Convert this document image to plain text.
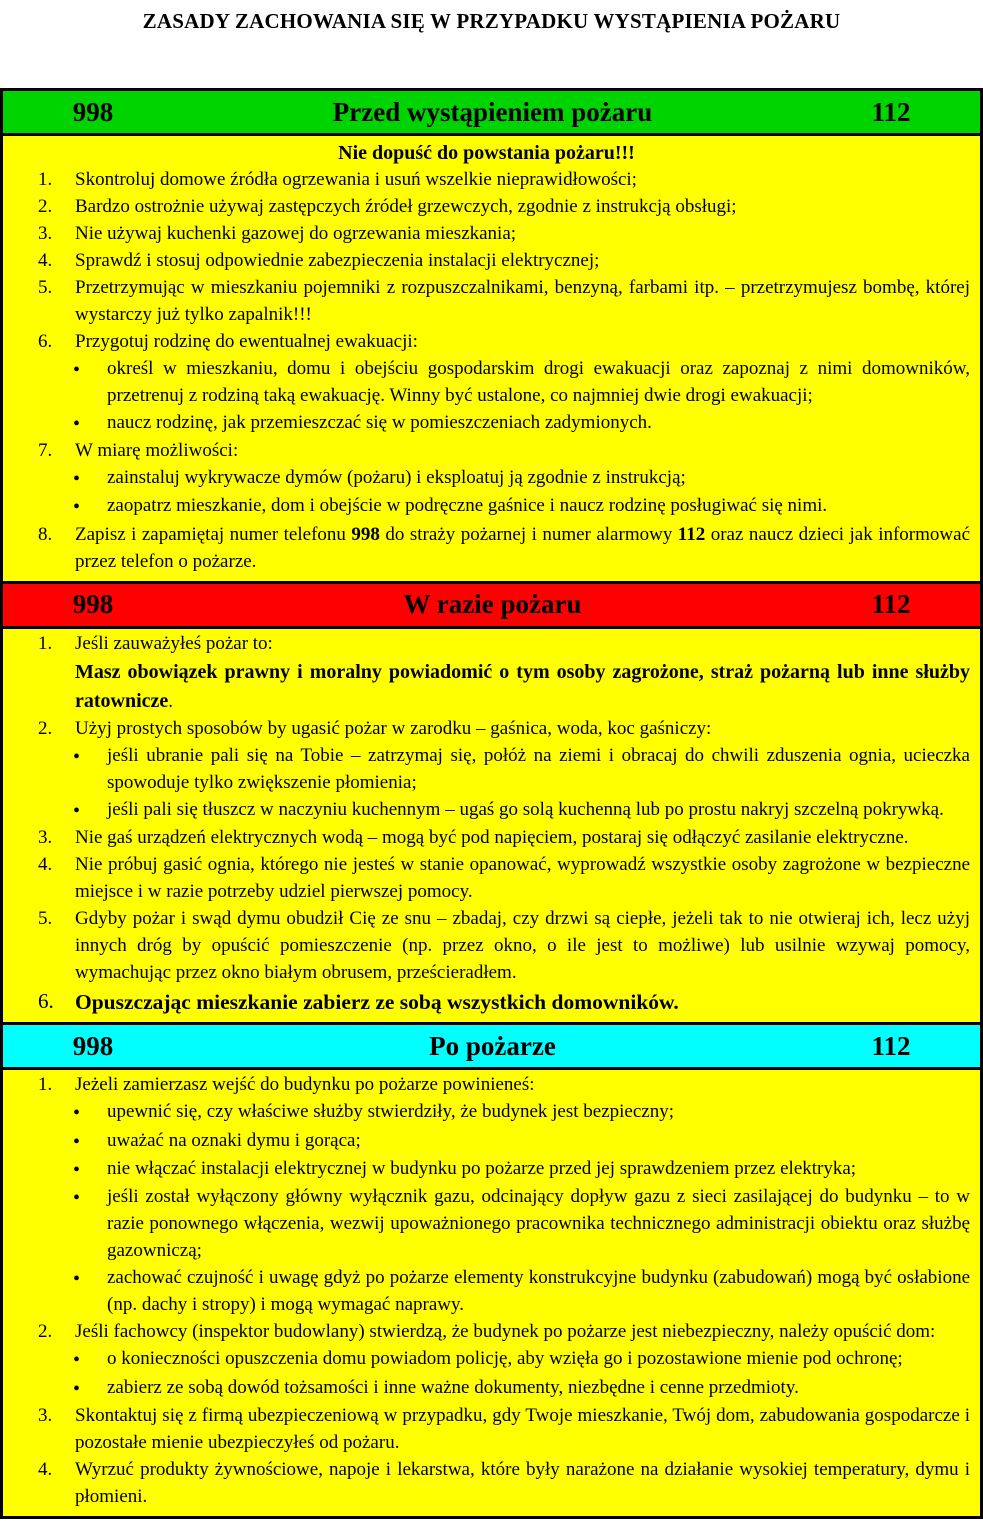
ZASADY ZACHOWANIA SIĘ W PRZYPADKU WYSTĄPIENIA POŻARU
998	Przed wystąpieniem pożaru	112
Nie dopuść do powstania pożaru!!!
1.	Skontroluj domowe źródła ogrzewania i usuń wszelkie nieprawidłowości;
2.	Bardzo ostrożnie używaj zastępczych źródeł grzewczych, zgodnie z instrukcją obsługi;
3.	Nie używaj kuchenki gazowej do ogrzewania mieszkania;
4.	Sprawdź i stosuj odpowiednie zabezpieczenia instalacji elektrycznej;
5.	Przetrzymując w mieszkaniu pojemniki z rozpuszczalnikami, benzyną, farbami itp. – przetrzymujesz bombę, której wystarczy już tylko zapalnik!!!
6.	Przygotuj rodzinę do ewentualnej ewakuacji:
•	określ w mieszkaniu, domu i obejściu gospodarskim drogi ewakuacji oraz zapoznaj z nimi domowników, przetrenuj z rodziną taką ewakuację. Winny być ustalone, co najmniej dwie drogi ewakuacji;
•	naucz rodzinę, jak przemieszczać się w pomieszczeniach zadymionych.
7.	W miarę możliwości:
•	zainstaluj wykrywacze dymów (pożaru) i eksploatuj ją zgodnie z instrukcją;
•	zaopatrz mieszkanie, dom i obejście w podręczne gaśnice i naucz rodzinę posługiwać się nimi.
8.	Zapisz i zapamiętaj numer telefonu 998 do straży pożarnej i numer alarmowy 112 oraz naucz dzieci jak informować przez telefon o pożarze.
998	W razie pożaru	112
1.	Jeśli zauważyłeś pożar to:
Masz obowiązek prawny i moralny powiadomić o tym osoby zagrożone, straż pożarną lub inne służby ratownicze.
2.	Użyj prostych sposobów by ugasić pożar w zarodku – gaśnica, woda, koc gaśniczy:
•	jeśli ubranie pali się na Tobie – zatrzymaj się, połóż na ziemi i obracaj do chwili zduszenia ognia, ucieczka spowoduje tylko zwiększenie płomienia;
•	jeśli pali się tłuszcz w naczyniu kuchennym – ugaś go solą kuchenną lub po prostu nakryj szczelną pokrywką.
3.	Nie gaś urządzeń elektrycznych wodą – mogą być pod napięciem, postaraj się odłączyć zasilanie elektryczne.
4.	Nie próbuj gasić ognia, którego nie jesteś w stanie opanować, wyprowadź wszystkie osoby zagrożone w bezpieczne miejsce i w razie potrzeby udziel pierwszej pomocy.
5.	Gdyby pożar i swąd dymu obudził Cię ze snu – zbadaj, czy drzwi są ciepłe, jeżeli tak to nie otwieraj ich, lecz użyj innych dróg by opuścić pomieszczenie (np. przez okno, o ile jest to możliwe) lub usilnie wzywaj pomocy, wymachując przez okno białym obrusem, prześcieradłem.
6. Opuszczając mieszkanie zabierz ze sobą wszystkich domowników.
998	Po pożarze	112
1.	Jeżeli zamierzasz wejść do budynku po pożarze powinieneś:
•	upewnić się, czy właściwe służby stwierdziły, że budynek jest bezpieczny;
•	uważać na oznaki dymu i gorąca;
•	nie włączać instalacji elektrycznej w budynku po pożarze przed jej sprawdzeniem przez elektryka;
•	jeśli został wyłączony główny wyłącznik gazu, odcinający dopływ gazu z sieci zasilającej do budynku – to w razie ponownego włączenia, wezwij upoważnionego pracownika technicznego administracji obiektu oraz służbę gazowniczą;
•	zachować czujność i uwagę gdyż po pożarze elementy konstrukcyjne budynku (zabudowań) mogą być osłabione (np. dachy i stropy) i mogą wymagać naprawy.
2.	Jeśli fachowcy (inspektor budowlany) stwierdzą, że budynek po pożarze jest niebezpieczny, należy opuścić dom:
•	o konieczności opuszczenia domu powiadom policję, aby wzięła go i pozostawione mienie pod ochronę;
•	zabierz ze sobą dowód tożsamości i inne ważne dokumenty, niezbędne i cenne przedmioty.
3.	Skontaktuj się z firmą ubezpieczeniową w przypadku, gdy Twoje mieszkanie, Twój dom, zabudowania gospodarcze i pozostałe mienie ubezpieczyłeś od pożaru.
4.	Wyrzuć produkty żywnościowe, napoje i lekarstwa, które były narażone na działanie wysokiej temperatury, dymu i płomieni.
